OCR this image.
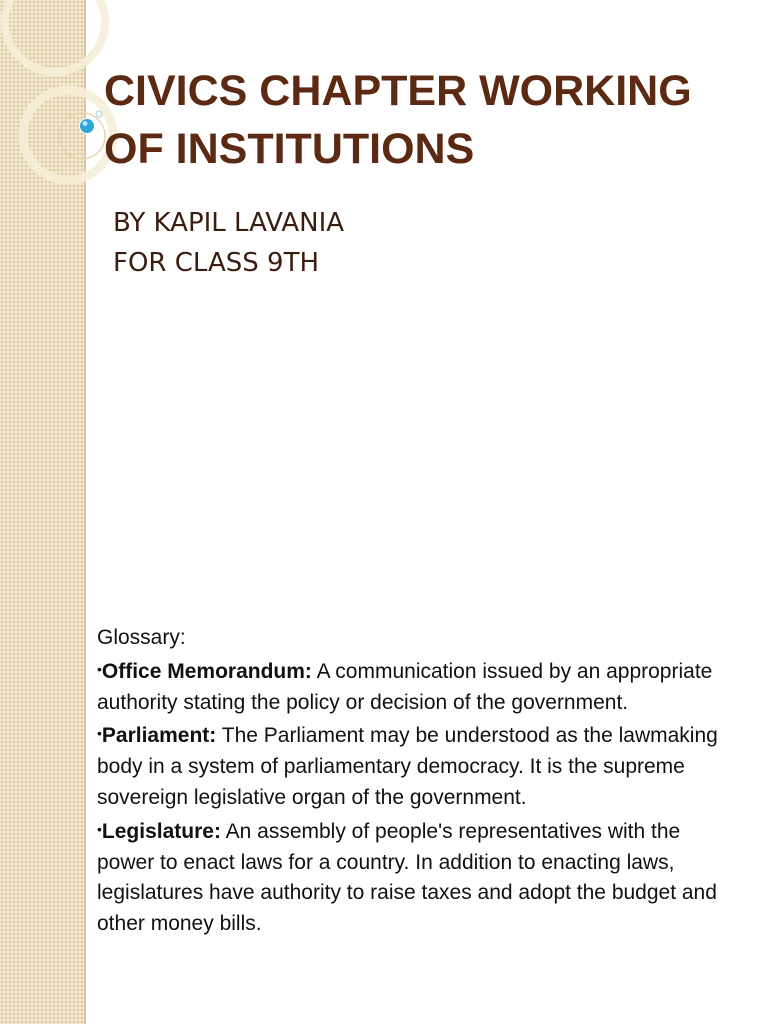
CIVICS CHAPTER WORKING OF INSTITUTIONS
BY KAPIL LAVANIA
FOR CLASS 9TH

Glossary:

•Office Memorandum: A communication issued by an appropriate authority stating the policy or decision of the government.

•Parliament: The Parliament may be understood as the lawmaking body in a system of parliamentary democracy. It is the supreme sovereign legislative organ of the government.

•Legislature: An assembly of people's representatives with the power to enact laws for a country. In addition to enacting laws, legislatures have authority to raise taxes and adopt the budget and other money bills.
